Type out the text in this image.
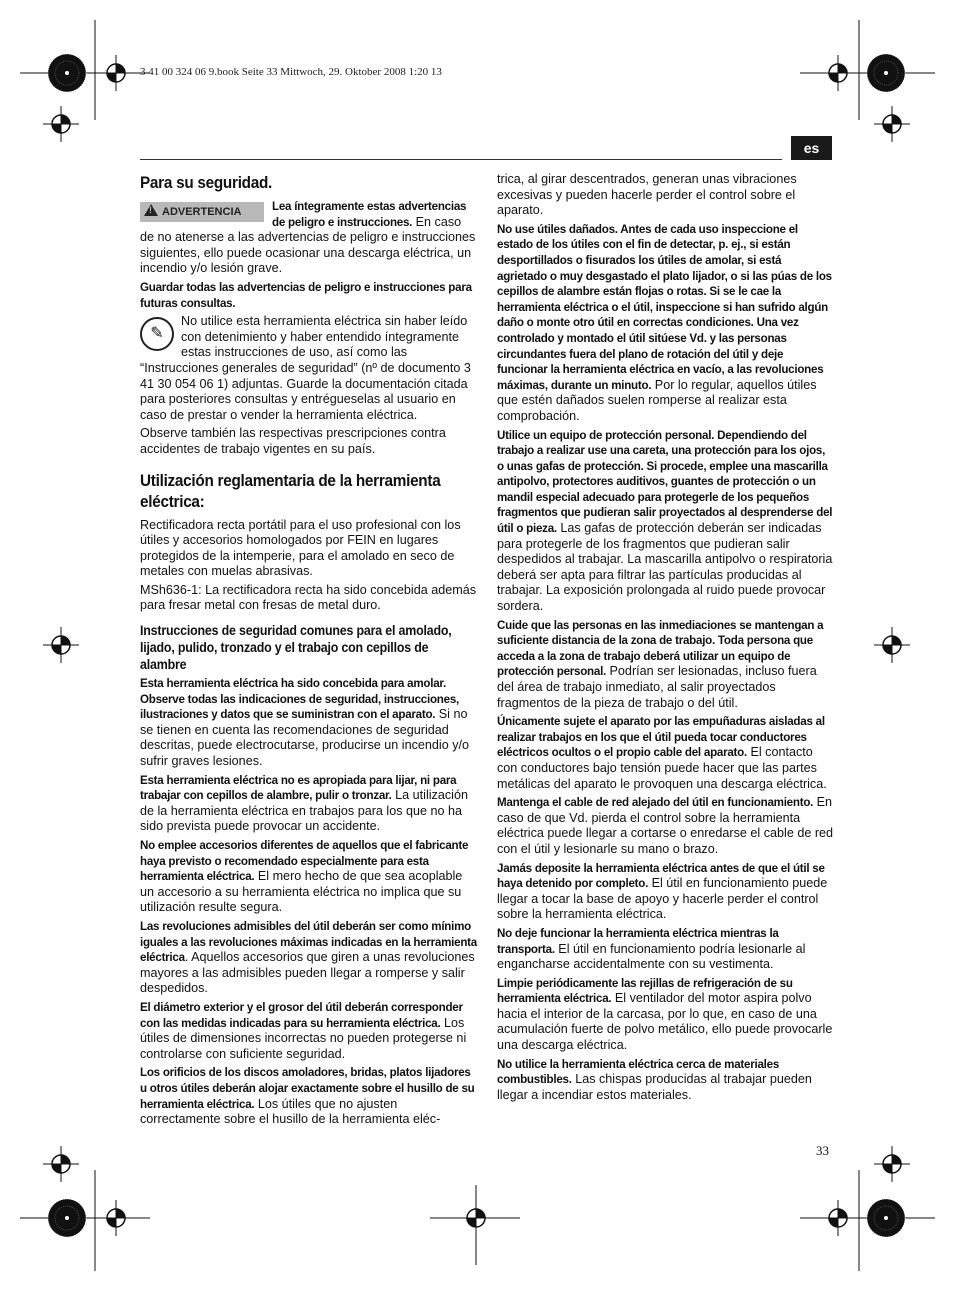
3 41 00 324 06 9.book Seite 33 Mittwoch, 29. Oktober 2008 1:20 13
es
Para su seguridad.
! ADVERTENCIA	Lea íntegramente estas advertencias de peligro e instrucciones. En caso de no atenerse a las advertencias de peligro e instrucciones siguientes, ello puede ocasionar una descarga eléctrica, un incendio y/o lesión grave.

Guardar todas las advertencias de peligro e instrucciones para futuras consultas.

✎

No utilice esta herramienta eléctrica sin haber leído con detenimiento y haber entendido íntegramente estas instrucciones de uso, así como las “Instrucciones generales de seguridad” (nº de documento 3 41 30 054 06 1) adjuntas. Guarde la documentación citada para posteriores consultas y entrégueselas al usuario en caso de prestar o vender la herramienta eléctrica.

Observe también las respectivas prescripciones contra accidentes de trabajo vigentes en su país.

Utilización reglamentaria de la herramienta eléctrica:

Rectificadora recta portátil para el uso profesional con los útiles y accesorios homologados por FEIN en lugares protegidos de la intemperie, para el amolado en seco de metales con muelas abrasivas.

MSh636-1: La rectificadora recta ha sido concebida además para fresar metal con fresas de metal duro.

Instrucciones de seguridad comunes para el amolado, lijado, pulido, tronzado y el trabajo con cepillos de alambre

Esta herramienta eléctrica ha sido concebida para amolar. Observe todas las indicaciones de seguridad, instrucciones, ilustraciones y datos que se suministran con el aparato. Si no se tienen en cuenta las recomendaciones de seguridad descritas, puede electrocutarse, producirse un incendio y/o sufrir graves lesiones.

Esta herramienta eléctrica no es apropiada para lijar, ni para trabajar con cepillos de alambre, pulir o tronzar. La utilización de la herramienta eléctrica en trabajos para los que no ha sido prevista puede provocar un accidente.

No emplee accesorios diferentes de aquellos que el fabricante haya previsto o recomendado especialmente para esta herramienta eléctrica. El mero hecho de que sea acoplable un accesorio a su herramienta eléctrica no implica que su utilización resulte segura.

Las revoluciones admisibles del útil deberán ser como mínimo iguales a las revoluciones máximas indicadas en la herramienta eléctrica. Aquellos accesorios que giren a unas revoluciones mayores a las admisibles pueden llegar a romperse y salir despedidos.

El diámetro exterior y el grosor del útil deberán corresponder con las medidas indicadas para su herramienta eléctrica. Los útiles de dimensiones incorrectas no pueden protegerse ni controlarse con suficiente seguridad.

Los orificios de los discos amoladores, bridas, platos lijadores u otros útiles deberán alojar exactamente sobre el husillo de su herramienta eléctrica. Los útiles que no ajusten correctamente sobre el husillo de la herramienta eléc-

trica, al girar descentrados, generan unas vibraciones excesivas y pueden hacerle perder el control sobre el aparato.

No use útiles dañados. Antes de cada uso inspeccione el estado de los útiles con el fin de detectar, p. ej., si están desportillados o fisurados los útiles de amolar, si está agrietado o muy desgastado el plato lijador, o si las púas de los cepillos de alambre están flojas o rotas. Si se le cae la herramienta eléctrica o el útil, inspeccione si han sufrido algún daño o monte otro útil en correctas condiciones. Una vez controlado y montado el útil sitúese Vd. y las personas circundantes fuera del plano de rotación del útil y deje funcionar la herramienta eléctrica en vacío, a las revoluciones máximas, durante un minuto. Por lo regular, aquellos útiles que estén dañados suelen romperse al realizar esta comprobación.

Utilice un equipo de protección personal. Dependiendo del trabajo a realizar use una careta, una protección para los ojos, o unas gafas de protección. Si procede, emplee una mascarilla antipolvo, protectores auditivos, guantes de protección o un mandil especial adecuado para protegerle de los pequeños fragmentos que pudieran salir proyectados al desprenderse del útil o pieza. Las gafas de protección deberán ser indicadas para protegerle de los fragmentos que pudieran salir despedidos al trabajar. La mascarilla antipolvo o respiratoria deberá ser apta para filtrar las partículas producidas al trabajar. La exposición prolongada al ruido puede provocar sordera.

Cuide que las personas en las inmediaciones se mantengan a suficiente distancia de la zona de trabajo. Toda persona que acceda a la zona de trabajo deberá utilizar un equipo de protección personal. Podrían ser lesionadas, incluso fuera del área de trabajo inmediato, al salir proyectados fragmentos de la pieza de trabajo o del útil.

Únicamente sujete el aparato por las empuñaduras aisladas al realizar trabajos en los que el útil pueda tocar conductores eléctricos ocultos o el propio cable del aparato. El contacto con conductores bajo tensión puede hacer que las partes metálicas del aparato le provoquen una descarga eléctrica.

Mantenga el cable de red alejado del útil en funcionamiento. En caso de que Vd. pierda el control sobre la herramienta eléctrica puede llegar a cortarse o enredarse el cable de red con el útil y lesionarle su mano o brazo.

Jamás deposite la herramienta eléctrica antes de que el útil se haya detenido por completo. El útil en funcionamiento puede llegar a tocar la base de apoyo y hacerle perder el control sobre la herramienta eléctrica.

No deje funcionar la herramienta eléctrica mientras la transporta. El útil en funcionamiento podría lesionarle al engancharse accidentalmente con su vestimenta.

Limpie periódicamente las rejillas de refrigeración de su herramienta eléctrica. El ventilador del motor aspira polvo hacia el interior de la carcasa, por lo que, en caso de una acumulación fuerte de polvo metálico, ello puede provocarle una descarga eléctrica.

No utilice la herramienta eléctrica cerca de materiales combustibles. Las chispas producidas al trabajar pueden llegar a incendiar estos materiales.

33
